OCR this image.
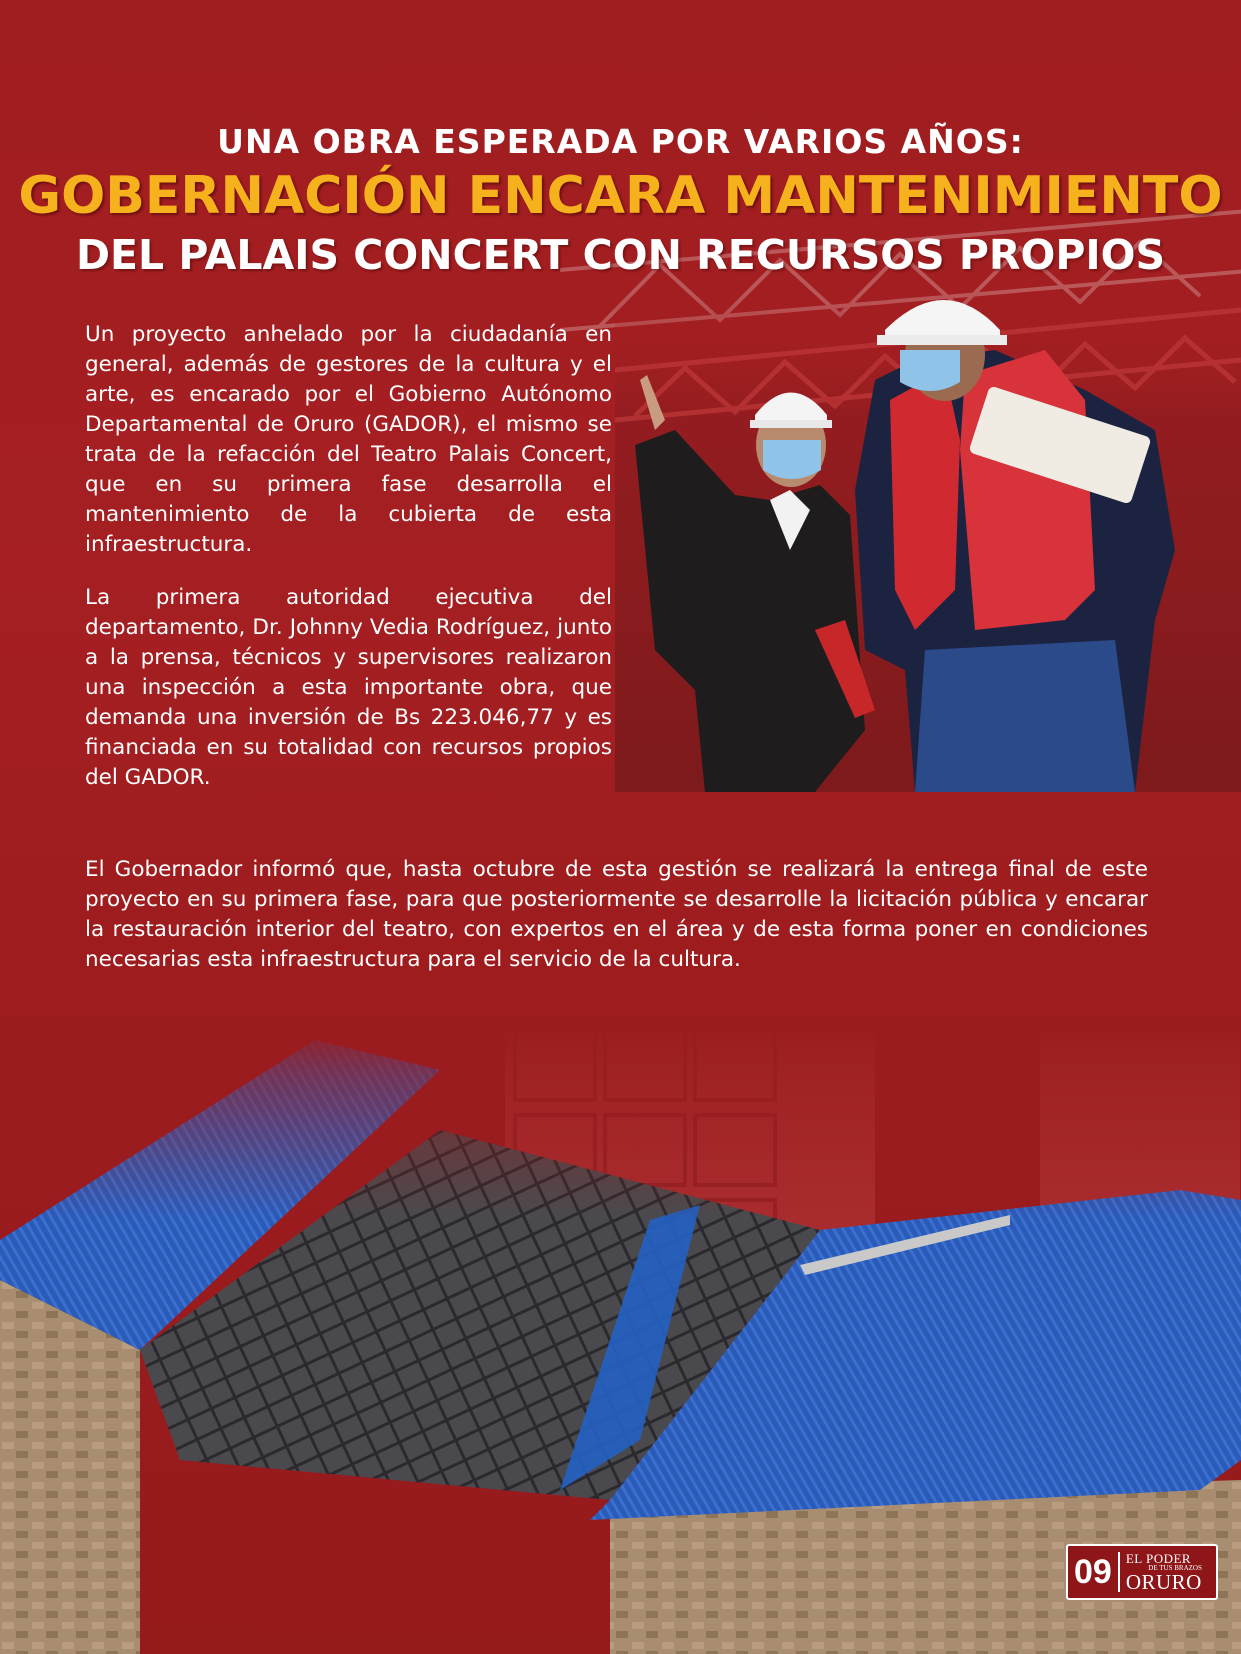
UNA OBRA ESPERADA POR VARIOS AÑOS:
GOBERNACIÓN ENCARA MANTENIMIENTO
DEL PALAIS CONCERT CON RECURSOS PROPIOS

Un proyecto anhelado por la ciudadanía en general, además de gestores de la cultura y el arte, es encarado por el Gobierno Autónomo Departamental de Oruro (GADOR), el mismo se trata de la refacción del Teatro Palais Concert, que en su primera fase desarrolla el mantenimiento de la cubierta de esta infraestructura.

La primera autoridad ejecutiva del departamento, Dr. Johnny Vedia Rodríguez, junto a la prensa, técnicos y supervisores realizaron una inspección a esta importante obra, que demanda una inversión de Bs 223.046,77 y es financiada en su totalidad con recursos propios del GADOR.

El Gobernador informó que, hasta octubre de esta gestión se realizará la entrega final de este proyecto en su primera fase, para que posteriormente se desarrolle la licitación pública y encarar la restauración interior del teatro, con expertos en el área y de esta forma poner en condiciones necesarias esta infraestructura para el servicio de la cultura.

09	EL PODER
DE TUS BRAZOS
ORURO
